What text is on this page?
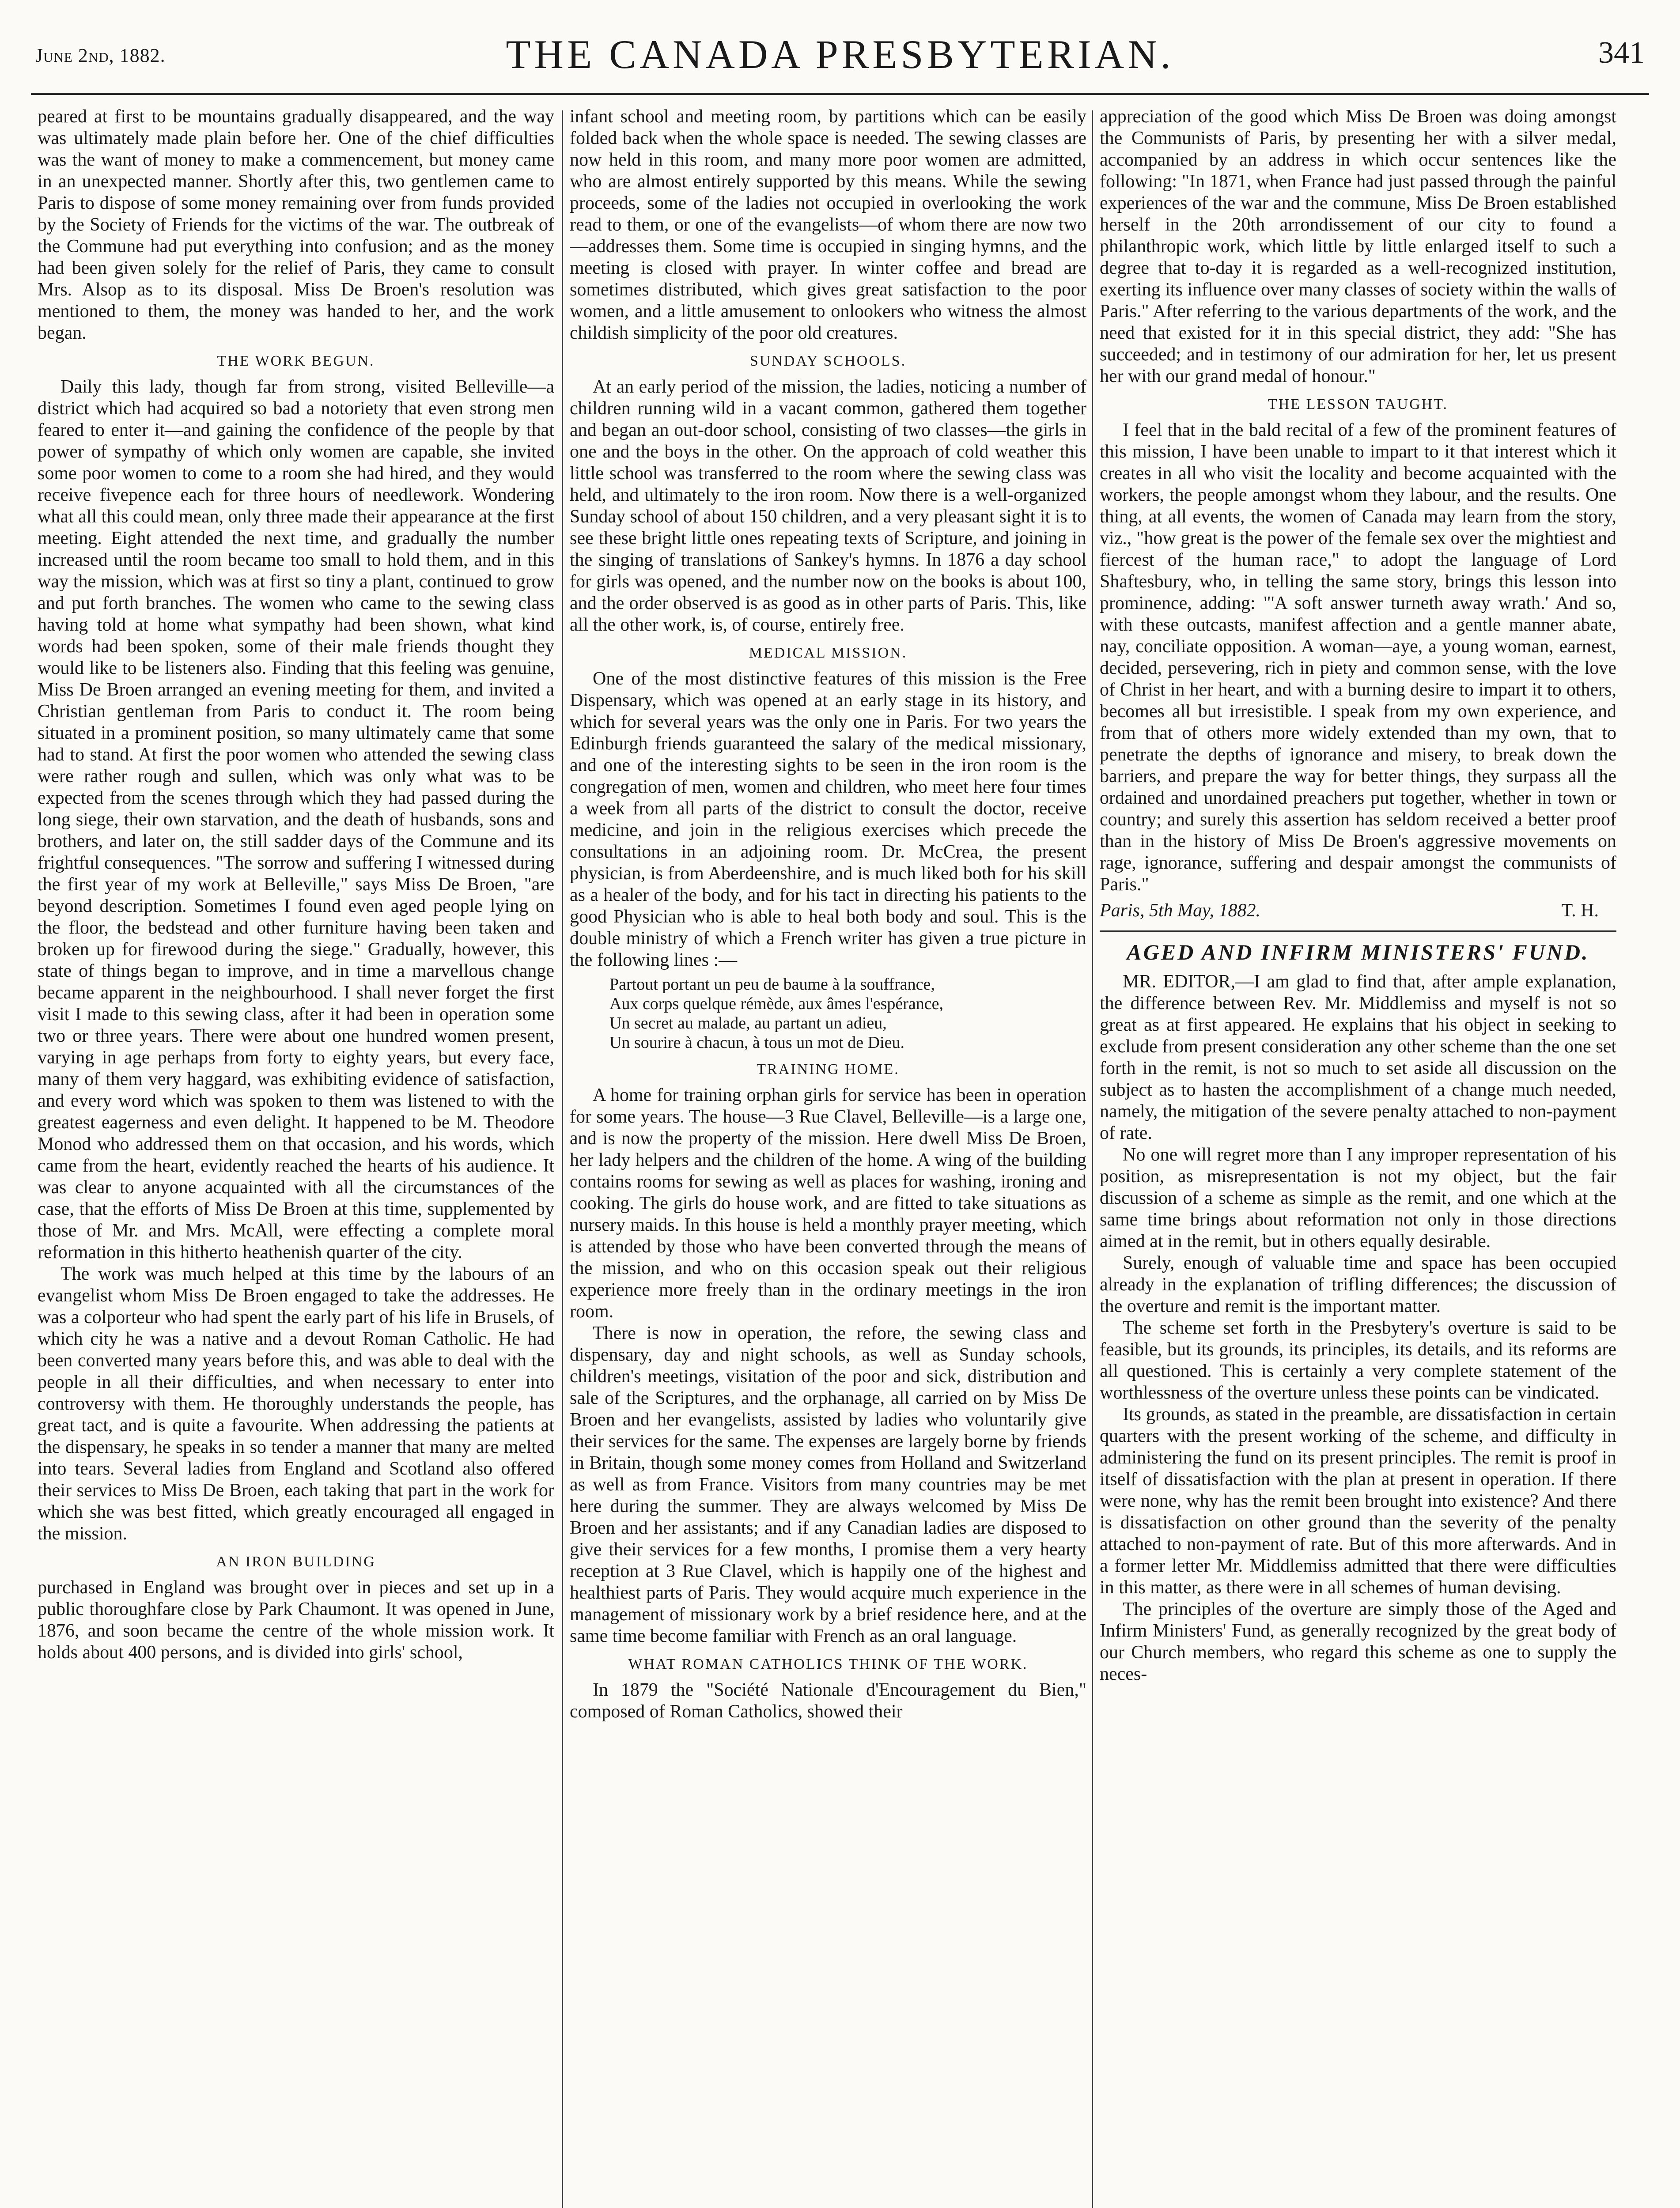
June 2nd, 1882.	THE CANADA PRESBYTERIAN.	341

peared at first to be mountains gradually disappeared, and the way was ultimately made plain before her. One of the chief difficulties was the want of money to make a commencement, but money came in an unexpected manner. Shortly after this, two gentlemen came to Paris to dispose of some money remaining over from funds provided by the Society of Friends for the victims of the war. The outbreak of the Commune had put everything into confusion; and as the money had been given solely for the relief of Paris, they came to consult Mrs. Alsop as to its disposal. Miss De Broen's resolution was mentioned to them, the money was handed to her, and the work began.

THE WORK BEGUN.

Daily this lady, though far from strong, visited Belleville—a district which had acquired so bad a notoriety that even strong men feared to enter it—and gaining the confidence of the people by that power of sympathy of which only women are capable, she invited some poor women to come to a room she had hired, and they would receive fivepence each for three hours of needlework. Wondering what all this could mean, only three made their appearance at the first meeting. Eight attended the next time, and gradually the number increased until the room became too small to hold them, and in this way the mission, which was at first so tiny a plant, continued to grow and put forth branches. The women who came to the sewing class having told at home what sympathy had been shown, what kind words had been spoken, some of their male friends thought they would like to be listeners also. Finding that this feeling was genuine, Miss De Broen arranged an evening meeting for them, and invited a Christian gentleman from Paris to conduct it. The room being situated in a prominent position, so many ultimately came that some had to stand. At first the poor women who attended the sewing class were rather rough and sullen, which was only what was to be expected from the scenes through which they had passed during the long siege, their own starvation, and the death of husbands, sons and brothers, and later on, the still sadder days of the Commune and its frightful consequences. "The sorrow and suffering I witnessed during the first year of my work at Belleville," says Miss De Broen, "are beyond description. Sometimes I found even aged people lying on the floor, the bedstead and other furniture having been taken and broken up for firewood during the siege." Gradually, however, this state of things began to improve, and in time a marvellous change became apparent in the neighbourhood. I shall never forget the first visit I made to this sewing class, after it had been in operation some two or three years. There were about one hundred women present, varying in age perhaps from forty to eighty years, but every face, many of them very haggard, was exhibiting evidence of satisfaction, and every word which was spoken to them was listened to with the greatest eagerness and even delight. It happened to be M. Theodore Monod who addressed them on that occasion, and his words, which came from the heart, evidently reached the hearts of his audience. It was clear to anyone acquainted with all the circumstances of the case, that the efforts of Miss De Broen at this time, supplemented by those of Mr. and Mrs. McAll, were effecting a complete moral reformation in this hitherto heathenish quarter of the city.

The work was much helped at this time by the labours of an evangelist whom Miss De Broen engaged to take the addresses. He was a colporteur who had spent the early part of his life in Brusels, of which city he was a native and a devout Roman Catholic. He had been converted many years before this, and was able to deal with the people in all their difficulties, and when necessary to enter into controversy with them. He thoroughly understands the people, has great tact, and is quite a favourite. When addressing the patients at the dispensary, he speaks in so tender a manner that many are melted into tears. Several ladies from England and Scotland also offered their services to Miss De Broen, each taking that part in the work for which she was best fitted, which greatly encouraged all engaged in the mission.

AN IRON BUILDING

purchased in England was brought over in pieces and set up in a public thoroughfare close by Park Chaumont. It was opened in June, 1876, and soon became the centre of the whole mission work. It holds about 400 persons, and is divided into girls' school,

infant school and meeting room, by partitions which can be easily folded back when the whole space is needed. The sewing classes are now held in this room, and many more poor women are admitted, who are almost entirely supported by this means. While the sewing proceeds, some of the ladies not occupied in overlooking the work read to them, or one of the evangelists—of whom there are now two—addresses them. Some time is occupied in singing hymns, and the meeting is closed with prayer. In winter coffee and bread are sometimes distributed, which gives great satisfaction to the poor women, and a little amusement to onlookers who witness the almost childish simplicity of the poor old creatures.

SUNDAY SCHOOLS.

At an early period of the mission, the ladies, noticing a number of children running wild in a vacant common, gathered them together and began an out-door school, consisting of two classes—the girls in one and the boys in the other. On the approach of cold weather this little school was transferred to the room where the sewing class was held, and ultimately to the iron room. Now there is a well-organized Sunday school of about 150 children, and a very pleasant sight it is to see these bright little ones repeating texts of Scripture, and joining in the singing of translations of Sankey's hymns. In 1876 a day school for girls was opened, and the number now on the books is about 100, and the order observed is as good as in other parts of Paris. This, like all the other work, is, of course, entirely free.

MEDICAL MISSION.

One of the most distinctive features of this mission is the Free Dispensary, which was opened at an early stage in its history, and which for several years was the only one in Paris. For two years the Edinburgh friends guaranteed the salary of the medical missionary, and one of the interesting sights to be seen in the iron room is the congregation of men, women and children, who meet here four times a week from all parts of the district to consult the doctor, receive medicine, and join in the religious exercises which precede the consultations in an adjoining room. Dr. McCrea, the present physician, is from Aberdeenshire, and is much liked both for his skill as a healer of the body, and for his tact in directing his patients to the good Physician who is able to heal both body and soul. This is the double ministry of which a French writer has given a true picture in the following lines :—

Partout portant un peu de baume à la souffrance,
Aux corps quelque rémède, aux âmes l'espérance,
Un secret au malade, au partant un adieu,
Un sourire à chacun, à tous un mot de Dieu.
TRAINING HOME.

A home for training orphan girls for service has been in operation for some years. The house—3 Rue Clavel, Belleville—is a large one, and is now the property of the mission. Here dwell Miss De Broen, her lady helpers and the children of the home. A wing of the building contains rooms for sewing as well as places for washing, ironing and cooking. The girls do house work, and are fitted to take situations as nursery maids. In this house is held a monthly prayer meeting, which is attended by those who have been converted through the means of the mission, and who on this occasion speak out their religious experience more freely than in the ordinary meetings in the iron room.

There is now in operation, the refore, the sewing class and dispensary, day and night schools, as well as Sunday schools, children's meetings, visitation of the poor and sick, distribution and sale of the Scriptures, and the orphanage, all carried on by Miss De Broen and her evangelists, assisted by ladies who voluntarily give their services for the same. The expenses are largely borne by friends in Britain, though some money comes from Holland and Switzerland as well as from France. Visitors from many countries may be met here during the summer. They are always welcomed by Miss De Broen and her assistants; and if any Canadian ladies are disposed to give their services for a few months, I promise them a very hearty reception at 3 Rue Clavel, which is happily one of the highest and healthiest parts of Paris. They would acquire much experience in the management of missionary work by a brief residence here, and at the same time become familiar with French as an oral language.

WHAT ROMAN CATHOLICS THINK OF THE WORK.

In 1879 the "Société Nationale d'Encouragement du Bien," composed of Roman Catholics, showed their

appreciation of the good which Miss De Broen was doing amongst the Communists of Paris, by presenting her with a silver medal, accompanied by an address in which occur sentences like the following: "In 1871, when France had just passed through the painful experiences of the war and the commune, Miss De Broen established herself in the 20th arrondissement of our city to found a philanthropic work, which little by little enlarged itself to such a degree that to-day it is regarded as a well-recognized institution, exerting its influence over many classes of society within the walls of Paris." After referring to the various departments of the work, and the need that existed for it in this special district, they add: "She has succeeded; and in testimony of our admiration for her, let us present her with our grand medal of honour."

THE LESSON TAUGHT.

I feel that in the bald recital of a few of the prominent features of this mission, I have been unable to impart to it that interest which it creates in all who visit the locality and become acquainted with the workers, the people amongst whom they labour, and the results. One thing, at all events, the women of Canada may learn from the story, viz., "how great is the power of the female sex over the mightiest and fiercest of the human race," to adopt the language of Lord Shaftesbury, who, in telling the same story, brings this lesson into prominence, adding: "'A soft answer turneth away wrath.' And so, with these outcasts, manifest affection and a gentle manner abate, nay, conciliate opposition. A woman—aye, a young woman, earnest, decided, persevering, rich in piety and common sense, with the love of Christ in her heart, and with a burning desire to impart it to others, becomes all but irresistible. I speak from my own experience, and from that of others more widely extended than my own, that to penetrate the depths of ignorance and misery, to break down the barriers, and prepare the way for better things, they surpass all the ordained and unordained preachers put together, whether in town or country; and surely this assertion has seldom received a better proof than in the history of Miss De Broen's aggressive movements on rage, ignorance, suffering and despair amongst the communists of Paris."

Paris, 5th May, 1882.	T. H.
AGED AND INFIRM MINISTERS' FUND.

MR. EDITOR,—I am glad to find that, after ample explanation, the difference between Rev. Mr. Middlemiss and myself is not so great as at first appeared. He explains that his object in seeking to exclude from present consideration any other scheme than the one set forth in the remit, is not so much to set aside all discussion on the subject as to hasten the accomplishment of a change much needed, namely, the mitigation of the severe penalty attached to non-payment of rate.

No one will regret more than I any improper representation of his position, as misrepresentation is not my object, but the fair discussion of a scheme as simple as the remit, and one which at the same time brings about reformation not only in those directions aimed at in the remit, but in others equally desirable.

Surely, enough of valuable time and space has been occupied already in the explanation of trifling differences; the discussion of the overture and remit is the important matter.

The scheme set forth in the Presbytery's overture is said to be feasible, but its grounds, its principles, its details, and its reforms are all questioned. This is certainly a very complete statement of the worthlessness of the overture unless these points can be vindicated.

Its grounds, as stated in the preamble, are dissatisfaction in certain quarters with the present working of the scheme, and difficulty in administering the fund on its present principles. The remit is proof in itself of dissatisfaction with the plan at present in operation. If there were none, why has the remit been brought into existence? And there is dissatisfaction on other ground than the severity of the penalty attached to non-payment of rate. But of this more afterwards. And in a former letter Mr. Middlemiss admitted that there were difficulties in this matter, as there were in all schemes of human devising.

The principles of the overture are simply those of the Aged and Infirm Ministers' Fund, as generally recognized by the great body of our Church members, who regard this scheme as one to supply the neces-
